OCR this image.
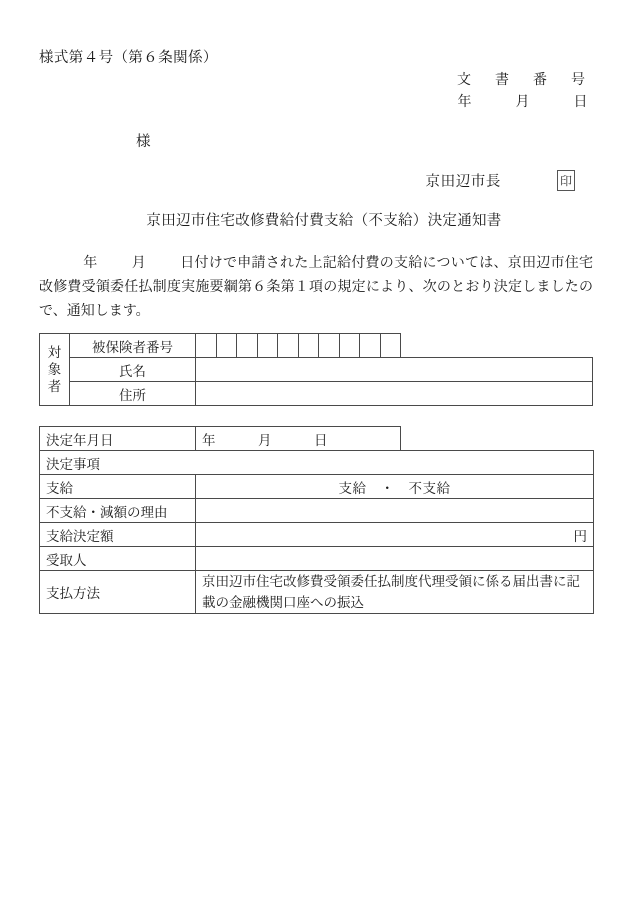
様式第４号（第６条関係）
文　書　番　号
年　　　月　　　日
様
京田辺市長	印
京田辺市住宅改修費給付費支給（不支給）決定通知書
年 月 日付けで申請された上記給付費の支給については、京田辺市住宅改修費受領委任払制度実施要綱第６条第１項の規定により、次のとおり決定しましたので、通知します。
対
象
者	被保険者番号											
	氏名											
	住所											
決定年月日	年　　　月　　　日	
決定事項		
支給	支給　・　不支給	
不支給・減額の理由		
支給決定額	円	
受取人		
支払方法	京田辺市住宅改修費受領委任払制度代理受領に係る届出書に記載の金融機関口座への振込	
